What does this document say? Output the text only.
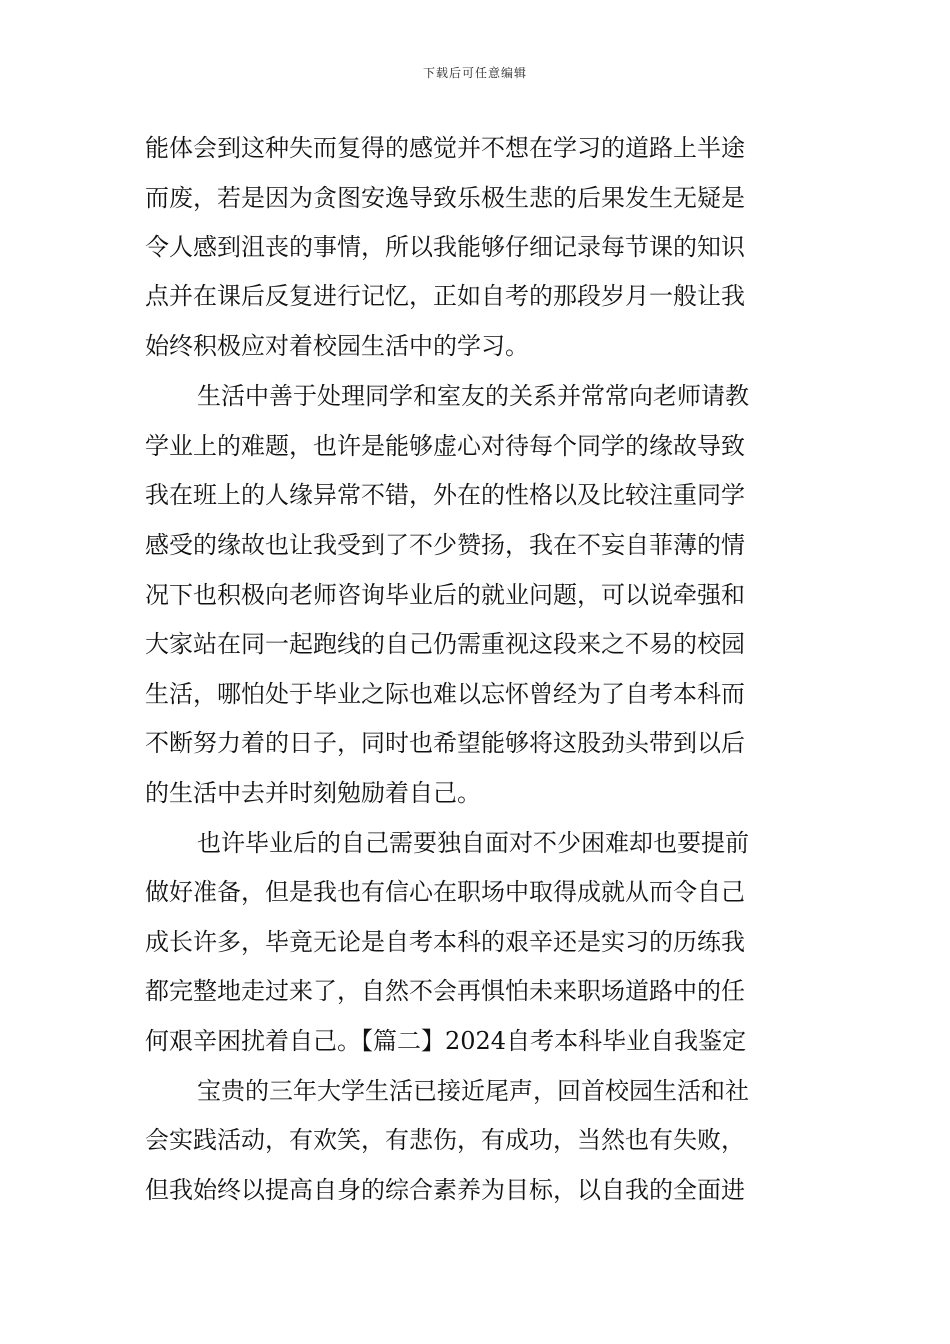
下载后可任意编辑
能体会到这种失而复得的感觉并不想在学习的道路上半途
而废，若是因为贪图安逸导致乐极生悲的后果发生无疑是
令人感到沮丧的事情，所以我能够仔细记录每节课的知识
点并在课后反复进行记忆，正如自考的那段岁月一般让我
始终积极应对着校园生活中的学习。
生活中善于处理同学和室友的关系并常常向老师请教
学业上的难题，也许是能够虚心对待每个同学的缘故导致
我在班上的人缘异常不错，外在的性格以及比较注重同学
感受的缘故也让我受到了不少赞扬，我在不妄自菲薄的情
况下也积极向老师咨询毕业后的就业问题，可以说牵强和
大家站在同一起跑线的自己仍需重视这段来之不易的校园
生活，哪怕处于毕业之际也难以忘怀曾经为了自考本科而
不断努力着的日子，同时也希望能够将这股劲头带到以后
的生活中去并时刻勉励着自己。
也许毕业后的自己需要独自面对不少困难却也要提前
做好准备，但是我也有信心在职场中取得成就从而令自己
成长许多，毕竟无论是自考本科的艰辛还是实习的历练我
都完整地走过来了，自然不会再惧怕未来职场道路中的任
何艰辛困扰着自己。【篇二】2024自考本科毕业自我鉴定
宝贵的三年大学生活已接近尾声，回首校园生活和社
会实践活动，有欢笑，有悲伤，有成功，当然也有失败，
但我始终以提高自身的综合素养为目标，以自我的全面进
